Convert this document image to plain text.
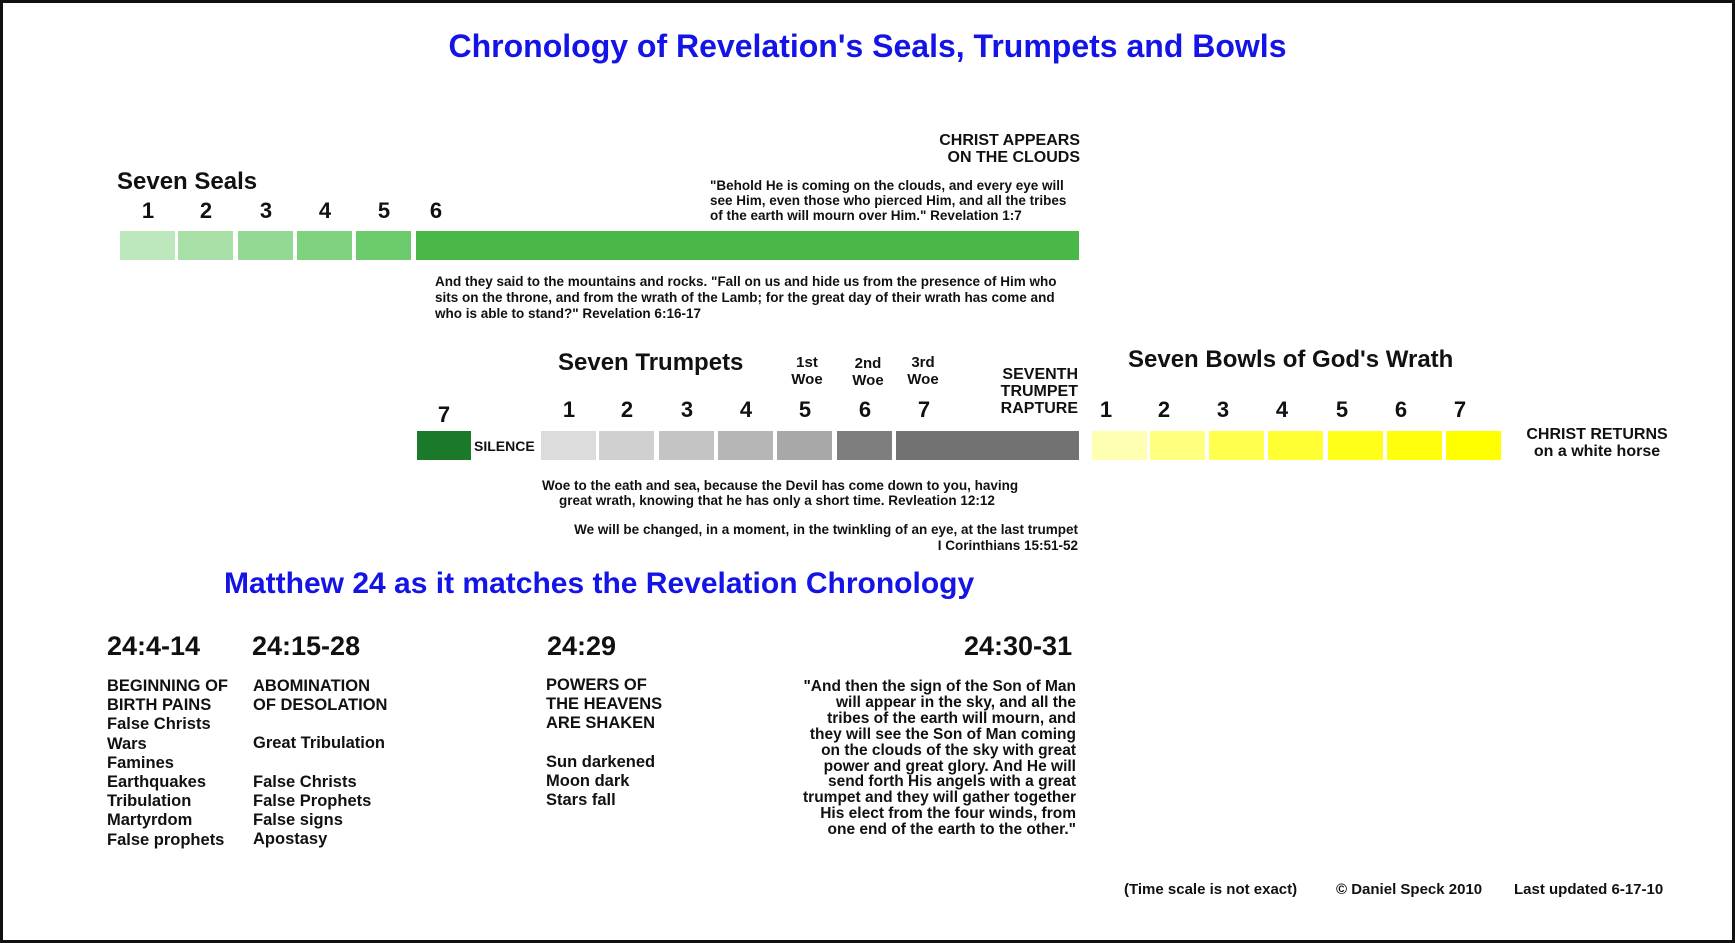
Chronology of Revelation's Seals, Trumpets and Bowls
Seven Seals
1	2	3	4	5	6
CHRIST APPEARS
ON THE CLOUDS
"Behold He is coming on the clouds, and every eye will
see Him, even those who pierced Him, and all the tribes
of the earth will mourn over Him." Revelation 1:7
And they said to the mountains and rocks. "Fall on us and hide us from the presence of Him who
sits on the throne, and from the wrath of the Lamb; for the great day of their wrath has come and
who is able to stand?" Revelation 6:16-17
7
SILENCE
Seven Trumpets	1st
Woe
2nd
Woe
3rd
Woe	SEVENTH
TRUMPET
RAPTURE
1	2	3	4	5	6	7
Woe to the eath and sea, because the Devil has come down to you, having
great wrath, knowing that he has only a short time. Revleation 12:12
We will be changed, in a moment, in the twinkling of an eye, at the last trumpet
I Corinthians 15:51-52
Seven Bowls of God's Wrath
1	2	3	4	5	6	7
CHRIST RETURNS
on a white horse
Matthew 24 as it matches the Revelation Chronology
24:4-14 24:15-28	24:29	24:30-31
BEGINNING OF
BIRTH PAINS
False Christs
Wars
Famines
Earthquakes
Tribulation
Martyrdom
False prophets
ABOMINATION
OF DESOLATION
Great Tribulation
False Christs
False Prophets
False signs
Apostasy
POWERS OF
THE HEAVENS
ARE SHAKEN
Sun darkened
Moon dark
Stars fall
"And then the sign of the Son of Man
will appear in the sky, and all the
tribes of the earth will mourn, and
they will see the Son of Man coming
on the clouds of the sky with great
power and great glory. And He will
send forth His angels with a great
trumpet and they will gather together
His elect from the four winds, from
one end of the earth to the other."
(Time scale is not exact)	© Daniel Speck 2010 Last updated 6-17-10
